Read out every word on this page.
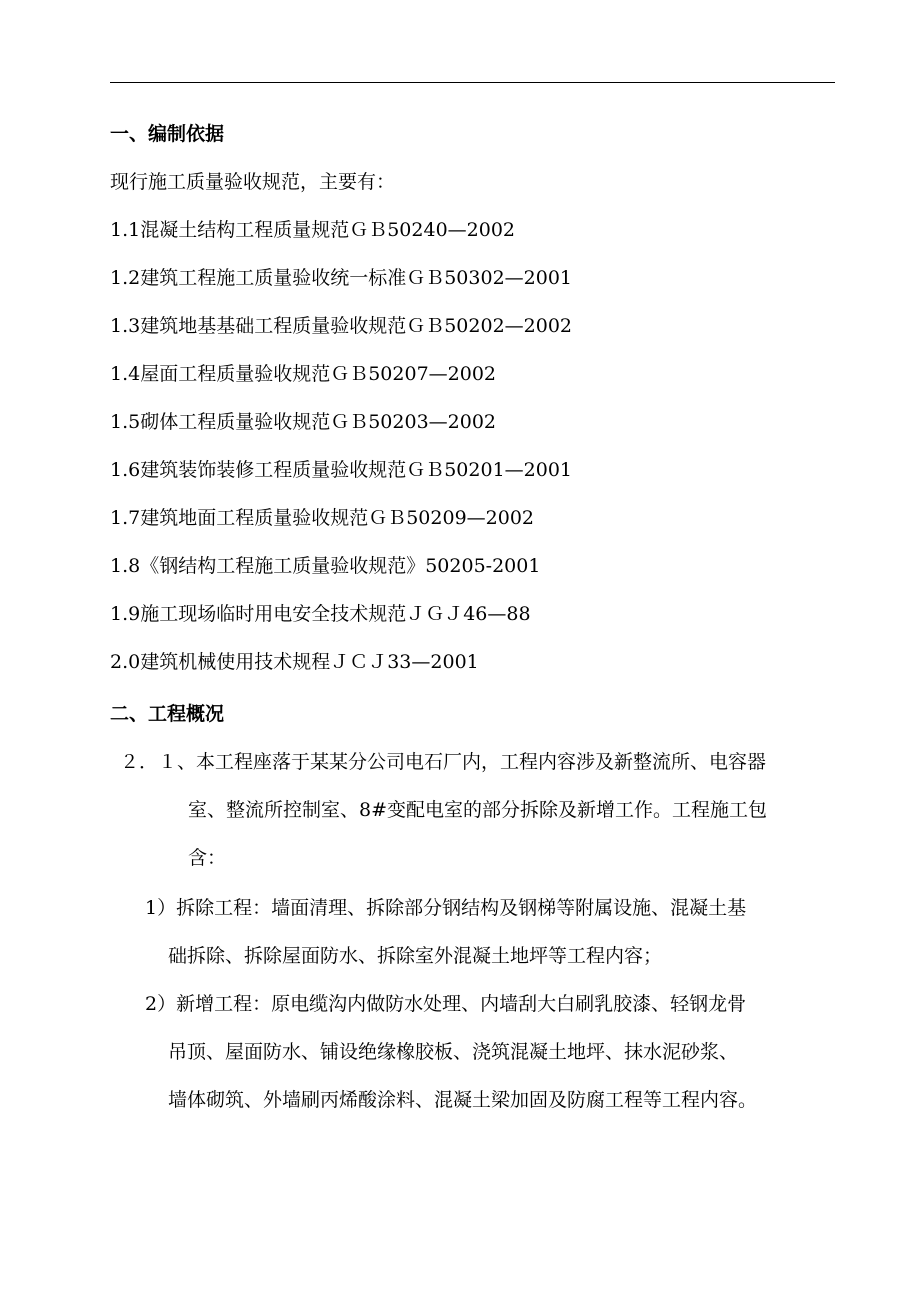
一、编制依据
现行施工质量验收规范，主要有：
1.1混凝土结构工程质量规范ＧＢ50240—2002
1.2建筑工程施工质量验收统一标准ＧＢ50302—2001
1.3建筑地基基础工程质量验收规范ＧＢ50202—2002
1.4屋面工程质量验收规范ＧＢ50207—2002
1.5砌体工程质量验收规范ＧＢ50203—2002
1.6建筑装饰装修工程质量验收规范ＧＢ50201—2001
1.7建筑地面工程质量验收规范ＧＢ50209—2002
1.8《钢结构工程施工质量验收规范》50205-2001
1.9施工现场临时用电安全技术规范ＪＧＪ46—88
2.0建筑机械使用技术规程ＪＣＪ33—2001
二、工程概况
２．１、本工程座落于某某分公司电石厂内，工程内容涉及新整流所、电容器
室、整流所控制室、8#变配电室的部分拆除及新增工作。工程施工包
含：
1）拆除工程：墙面清理、拆除部分钢结构及钢梯等附属设施、混凝土基
础拆除、拆除屋面防水、拆除室外混凝土地坪等工程内容；
2）新增工程：原电缆沟内做防水处理、内墙刮大白刷乳胶漆、轻钢龙骨
吊顶、屋面防水、铺设绝缘橡胶板、浇筑混凝土地坪、抹水泥砂浆、
墙体砌筑、外墙刷丙烯酸涂料、混凝土梁加固及防腐工程等工程内容。
